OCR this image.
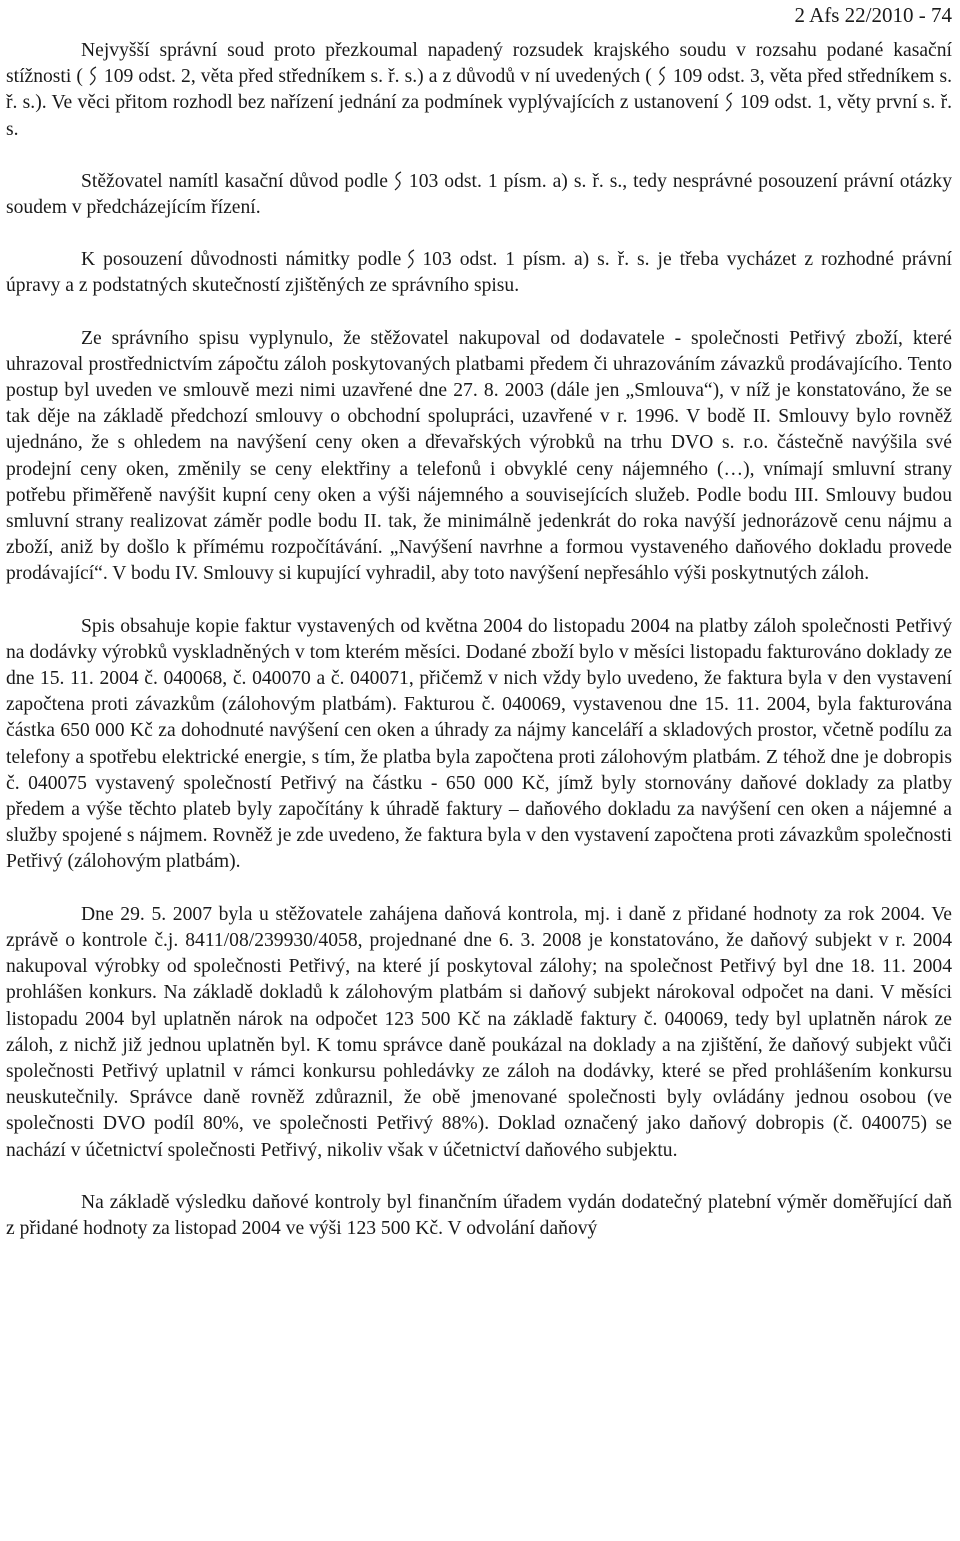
2 Afs 22/2010 - 74

Nejvyšší správní soud proto přezkoumal napadený rozsudek krajského soudu v rozsahu podané kasační stížnosti ( 109 odst. 2, věta před středníkem s. ř. s.) a z důvodů v ní uvedených ( 109 odst. 3, věta před středníkem s. ř. s.). Ve věci přitom rozhodl bez nařízení jednání za podmínek vyplývajících z ustanovení 109 odst. 1, věty první s. ř. s.

Stěžovatel namítl kasační důvod podle 103 odst. 1 písm. a) s. ř. s., tedy nesprávné posouzení právní otázky soudem v předcházejícím řízení.

K posouzení důvodnosti námitky podle 103 odst. 1 písm. a) s. ř. s. je třeba vycházet z rozhodné právní úpravy a z podstatných skutečností zjištěných ze správního spisu.

Ze správního spisu vyplynulo, že stěžovatel nakupoval od dodavatele - společnosti Petřivý zboží, které uhrazoval prostřednictvím zápočtu záloh poskytovaných platbami předem či uhrazováním závazků prodávajícího. Tento postup byl uveden ve smlouvě mezi nimi uzavřené dne 27. 8. 2003 (dále jen „Smlouva“), v níž je konstatováno, že se tak děje na základě předchozí smlouvy o obchodní spolupráci, uzavřené v r. 1996. V bodě II. Smlouvy bylo rovněž ujednáno, že s ohledem na navýšení ceny oken a dřevařských výrobků na trhu DVO s. r.o. částečně navýšila své prodejní ceny oken, změnily se ceny elektřiny a telefonů i obvyklé ceny nájemného (…), vnímají smluvní strany potřebu přiměřeně navýšit kupní ceny oken a výši nájemného a souvisejících služeb. Podle bodu III. Smlouvy budou smluvní strany realizovat záměr podle bodu II. tak, že minimálně jedenkrát do roka navýší jednorázově cenu nájmu a zboží, aniž by došlo k přímému rozpočítávání. „Navýšení navrhne a formou vystaveného daňového dokladu provede prodávající“. V bodu IV. Smlouvy si kupující vyhradil, aby toto navýšení nepřesáhlo výši poskytnutých záloh.

Spis obsahuje kopie faktur vystavených od května 2004 do listopadu 2004 na platby záloh společnosti Petřivý na dodávky výrobků vyskladněných v tom kterém měsíci. Dodané zboží bylo v měsíci listopadu fakturováno doklady ze dne 15. 11. 2004 č. 040068, č. 040070 a č. 040071, přičemž v nich vždy bylo uvedeno, že faktura byla v den vystavení započtena proti závazkům (zálohovým platbám). Fakturou č. 040069, vystavenou dne 15. 11. 2004, byla fakturována částka 650 000 Kč za dohodnuté navýšení cen oken a úhrady za nájmy kanceláří a skladových prostor, včetně podílu za telefony a spotřebu elektrické energie, s tím, že platba byla započtena proti zálohovým platbám. Z téhož dne je dobropis č. 040075 vystavený společností Petřivý na částku - 650 000 Kč, jímž byly stornovány daňové doklady za platby předem a výše těchto plateb byly započítány k úhradě faktury – daňového dokladu za navýšení cen oken a nájemné a služby spojené s nájmem. Rovněž je zde uvedeno, že faktura byla v den vystavení započtena proti závazkům společnosti Petřivý (zálohovým platbám).

Dne 29. 5. 2007 byla u stěžovatele zahájena daňová kontrola, mj. i daně z přidané hodnoty za rok 2004. Ve zprávě o kontrole č.j. 8411/08/239930/4058, projednané dne 6. 3. 2008 je konstatováno, že daňový subjekt v r. 2004 nakupoval výrobky od společnosti Petřivý, na které jí poskytoval zálohy; na společnost Petřivý byl dne 18. 11. 2004 prohlášen konkurs. Na základě dokladů k zálohovým platbám si daňový subjekt nárokoval odpočet na dani. V měsíci listopadu 2004 byl uplatněn nárok na odpočet 123 500 Kč na základě faktury č. 040069, tedy byl uplatněn nárok ze záloh, z nichž již jednou uplatněn byl. K tomu správce daně poukázal na doklady a na zjištění, že daňový subjekt vůči společnosti Petřivý uplatnil v rámci konkursu pohledávky ze záloh na dodávky, které se před prohlášením konkursu neuskutečnily. Správce daně rovněž zdůraznil, že obě jmenované společnosti byly ovládány jednou osobou (ve společnosti DVO podíl 80%, ve společnosti Petřivý 88%). Doklad označený jako daňový dobropis (č. 040075) se nachází v účetnictví společnosti Petřivý, nikoliv však v účetnictví daňového subjektu.

Na základě výsledku daňové kontroly byl finančním úřadem vydán dodatečný platební výměr doměřující daň z přidané hodnoty za listopad 2004 ve výši 123 500 Kč. V odvolání daňový
